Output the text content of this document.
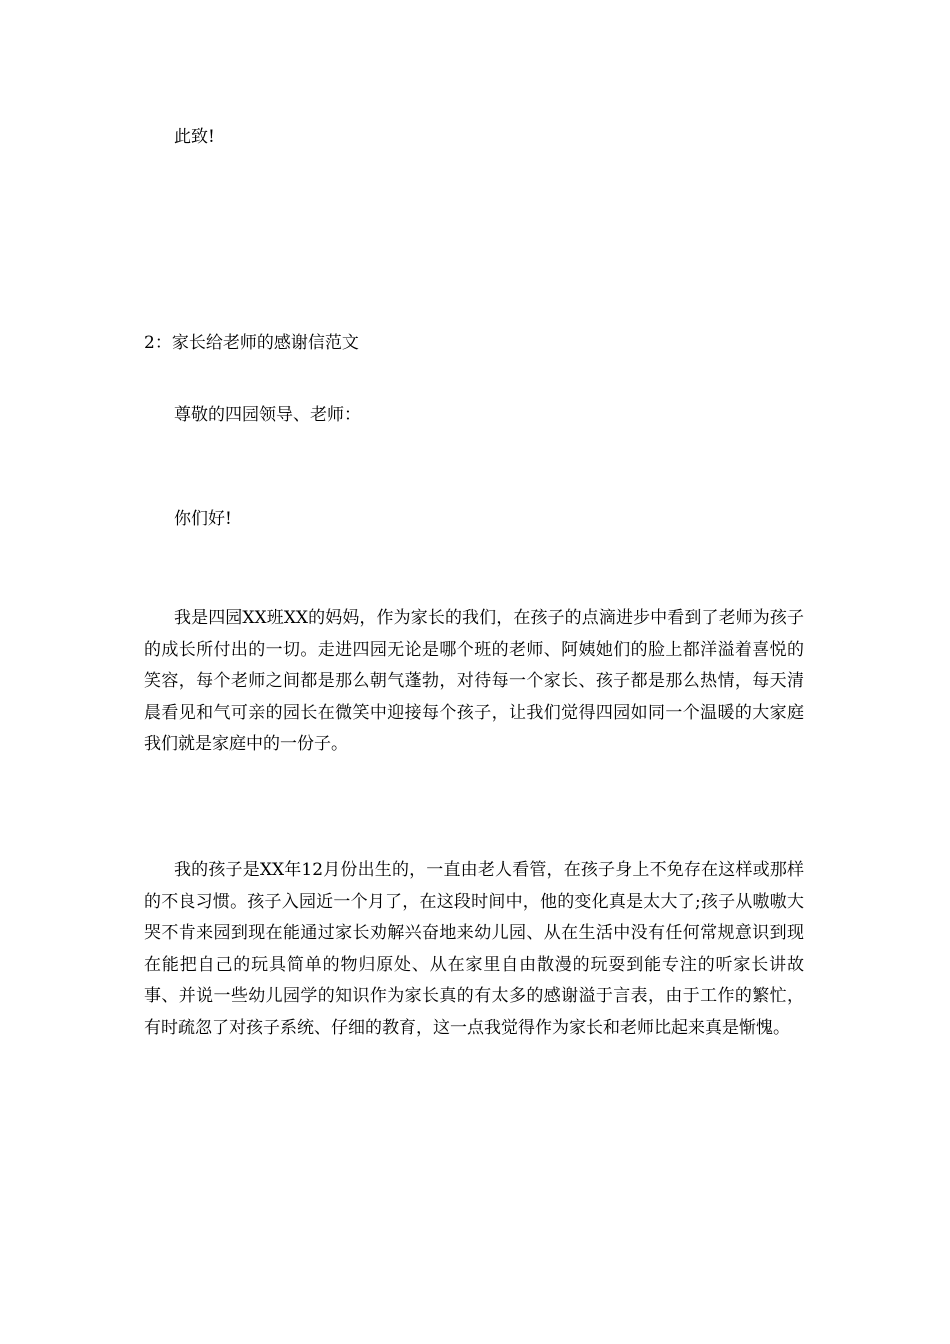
此致!

2：家长给老师的感谢信范文

尊敬的四园领导、老师：

你们好!

我是四园XX班XX的妈妈，作为家长的我们，在孩子的点滴进步中看到了老师为孩子的成长所付出的一切。走进四园无论是哪个班的老师、阿姨她们的脸上都洋溢着喜悦的笑容，每个老师之间都是那么朝气蓬勃，对待每一个家长、孩子都是那么热情，每天清晨看见和气可亲的园长在微笑中迎接每个孩子，让我们觉得四园如同一个温暖的大家庭我们就是家庭中的一份子。

我的孩子是XX年12月份出生的，一直由老人看管，在孩子身上不免存在这样或那样的不良习惯。孩子入园近一个月了，在这段时间中，他的变化真是太大了;孩子从嗷嗷大哭不肯来园到现在能通过家长劝解兴奋地来幼儿园、从在生活中没有任何常规意识到现在能把自己的玩具简单的物归原处、从在家里自由散漫的玩耍到能专注的听家长讲故事、并说一些幼儿园学的知识作为家长真的有太多的感谢溢于言表，由于工作的繁忙，有时疏忽了对孩子系统、仔细的教育，这一点我觉得作为家长和老师比起来真是惭愧。
